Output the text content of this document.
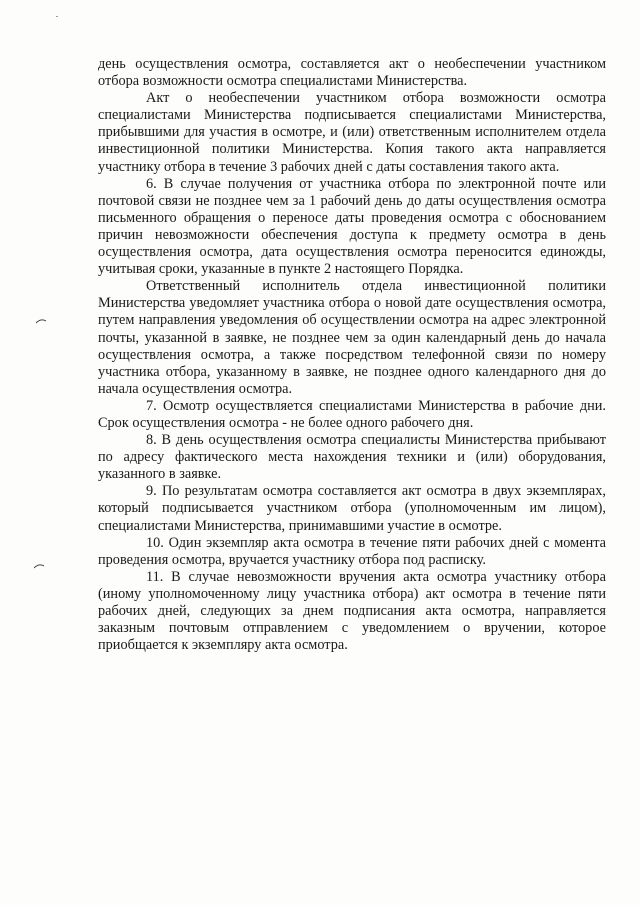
день осуществления осмотра, составляется акт о необеспечении участником отбора возможности осмотра специалистами Министерства.

Акт о необеспечении участником отбора возможности осмотра специалистами Министерства подписывается специалистами Министерства, прибывшими для участия в осмотре, и (или) ответственным исполнителем отдела инвестиционной политики Министерства. Копия такого акта направляется участнику отбора в течение 3 рабочих дней с даты составления такого акта.

6. В случае получения от участника отбора по электронной почте или почтовой связи не позднее чем за 1 рабочий день до даты осуществления осмотра письменного обращения о переносе даты проведения осмотра с обоснованием причин невозможности обеспечения доступа к предмету осмотра в день осуществления осмотра, дата осуществления осмотра переносится единожды, учитывая сроки, указанные в пункте 2 настоящего Порядка.

Ответственный исполнитель отдела инвестиционной политики Министерства уведомляет участника отбора о новой дате осуществления осмотра, путем направления уведомления об осуществлении осмотра на адрес электронной почты, указанной в заявке, не позднее чем за один календарный день до начала осуществления осмотра, а также посредством телефонной связи по номеру участника отбора, указанному в заявке, не позднее одного календарного дня до начала осуществления осмотра.

7. Осмотр осуществляется специалистами Министерства в рабочие дни. Срок осуществления осмотра - не более одного рабочего дня.

8. В день осуществления осмотра специалисты Министерства прибывают по адресу фактического места нахождения техники и (или) оборудования, указанного в заявке.

9. По результатам осмотра составляется акт осмотра в двух экземплярах, который подписывается участником отбора (уполномоченным им лицом), специалистами Министерства, принимавшими участие в осмотре.

10. Один экземпляр акта осмотра в течение пяти рабочих дней с момента проведения осмотра, вручается участнику отбора под расписку.

11. В случае невозможности вручения акта осмотра участнику отбора (иному уполномоченному лицу участника отбора) акт осмотра в течение пяти рабочих дней, следующих за днем подписания акта осмотра, направляется заказным почтовым отправлением с уведомлением о вручении, которое приобщается к экземпляру акта осмотра.
